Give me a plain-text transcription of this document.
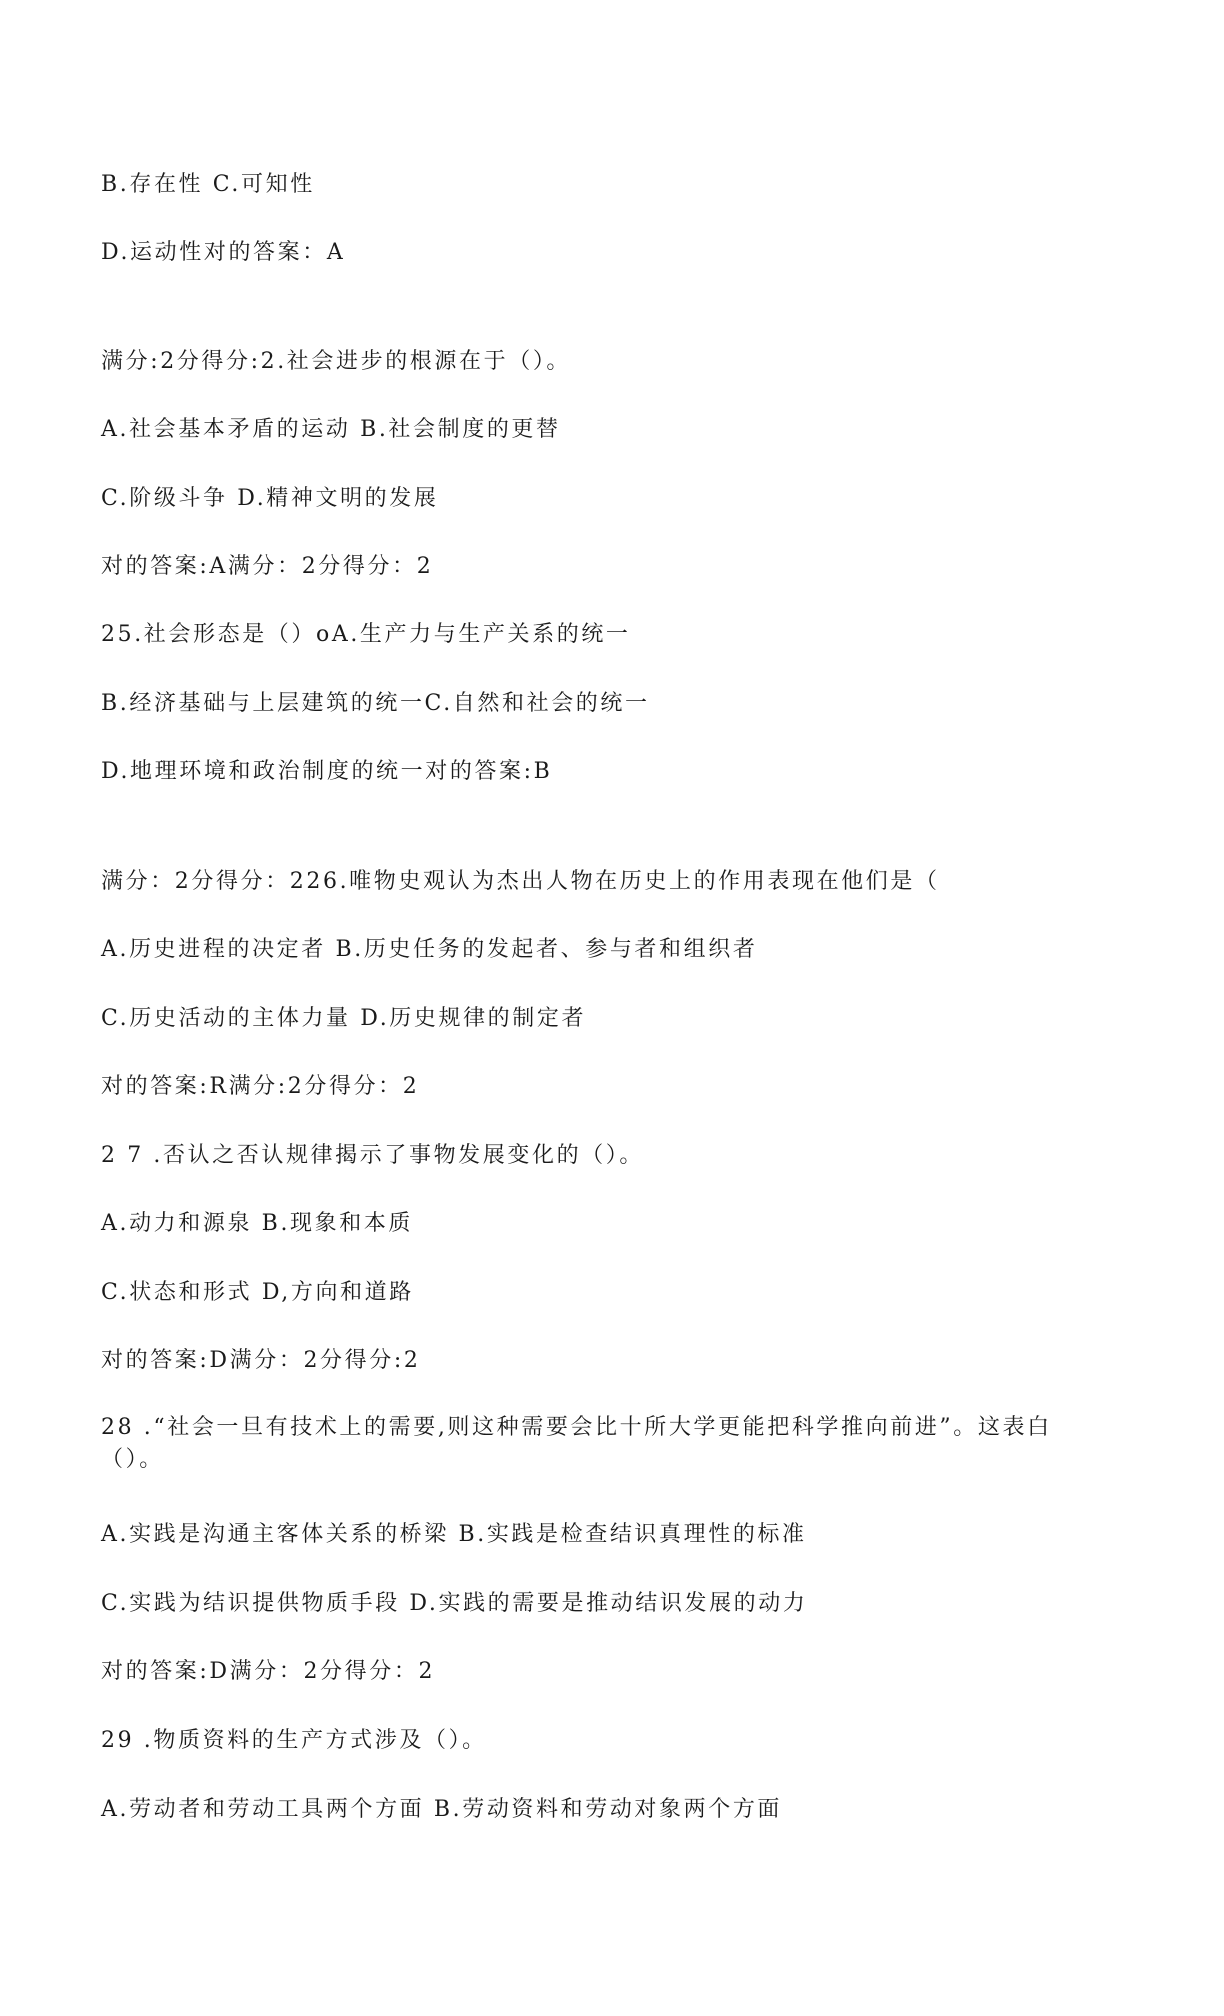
B.存在性 C.可知性
D.运动性对的答案：A
满分:2分得分:2.社会进步的根源在于（）。
A.社会基本矛盾的运动 B.社会制度的更替
C.阶级斗争 D.精神文明的发展
对的答案:A满分：2分得分：2
25.社会形态是（）oA.生产力与生产关系的统一
B.经济基础与上层建筑的统一C.自然和社会的统一
D.地理环境和政治制度的统一对的答案:B
满分：2分得分：226.唯物史观认为杰出人物在历史上的作用表现在他们是（
A.历史进程的决定者 B.历史任务的发起者、参与者和组织者
C.历史活动的主体力量 D.历史规律的制定者
对的答案:R满分:2分得分：2
2 7 .否认之否认规律揭示了事物发展变化的（）。
A.动力和源泉 B.现象和本质
C.状态和形式 D,方向和道路
对的答案:D满分：2分得分:2
28 .“社会一旦有技术上的需要,则这种需要会比十所大学更能把科学推向前进”。这表白（）。
A.实践是沟通主客体关系的桥梁 B.实践是检查结识真理性的标准
C.实践为结识提供物质手段 D.实践的需要是推动结识发展的动力
对的答案:D满分：2分得分：2
29 .物质资料的生产方式涉及（）。
A.劳动者和劳动工具两个方面 B.劳动资料和劳动对象两个方面
